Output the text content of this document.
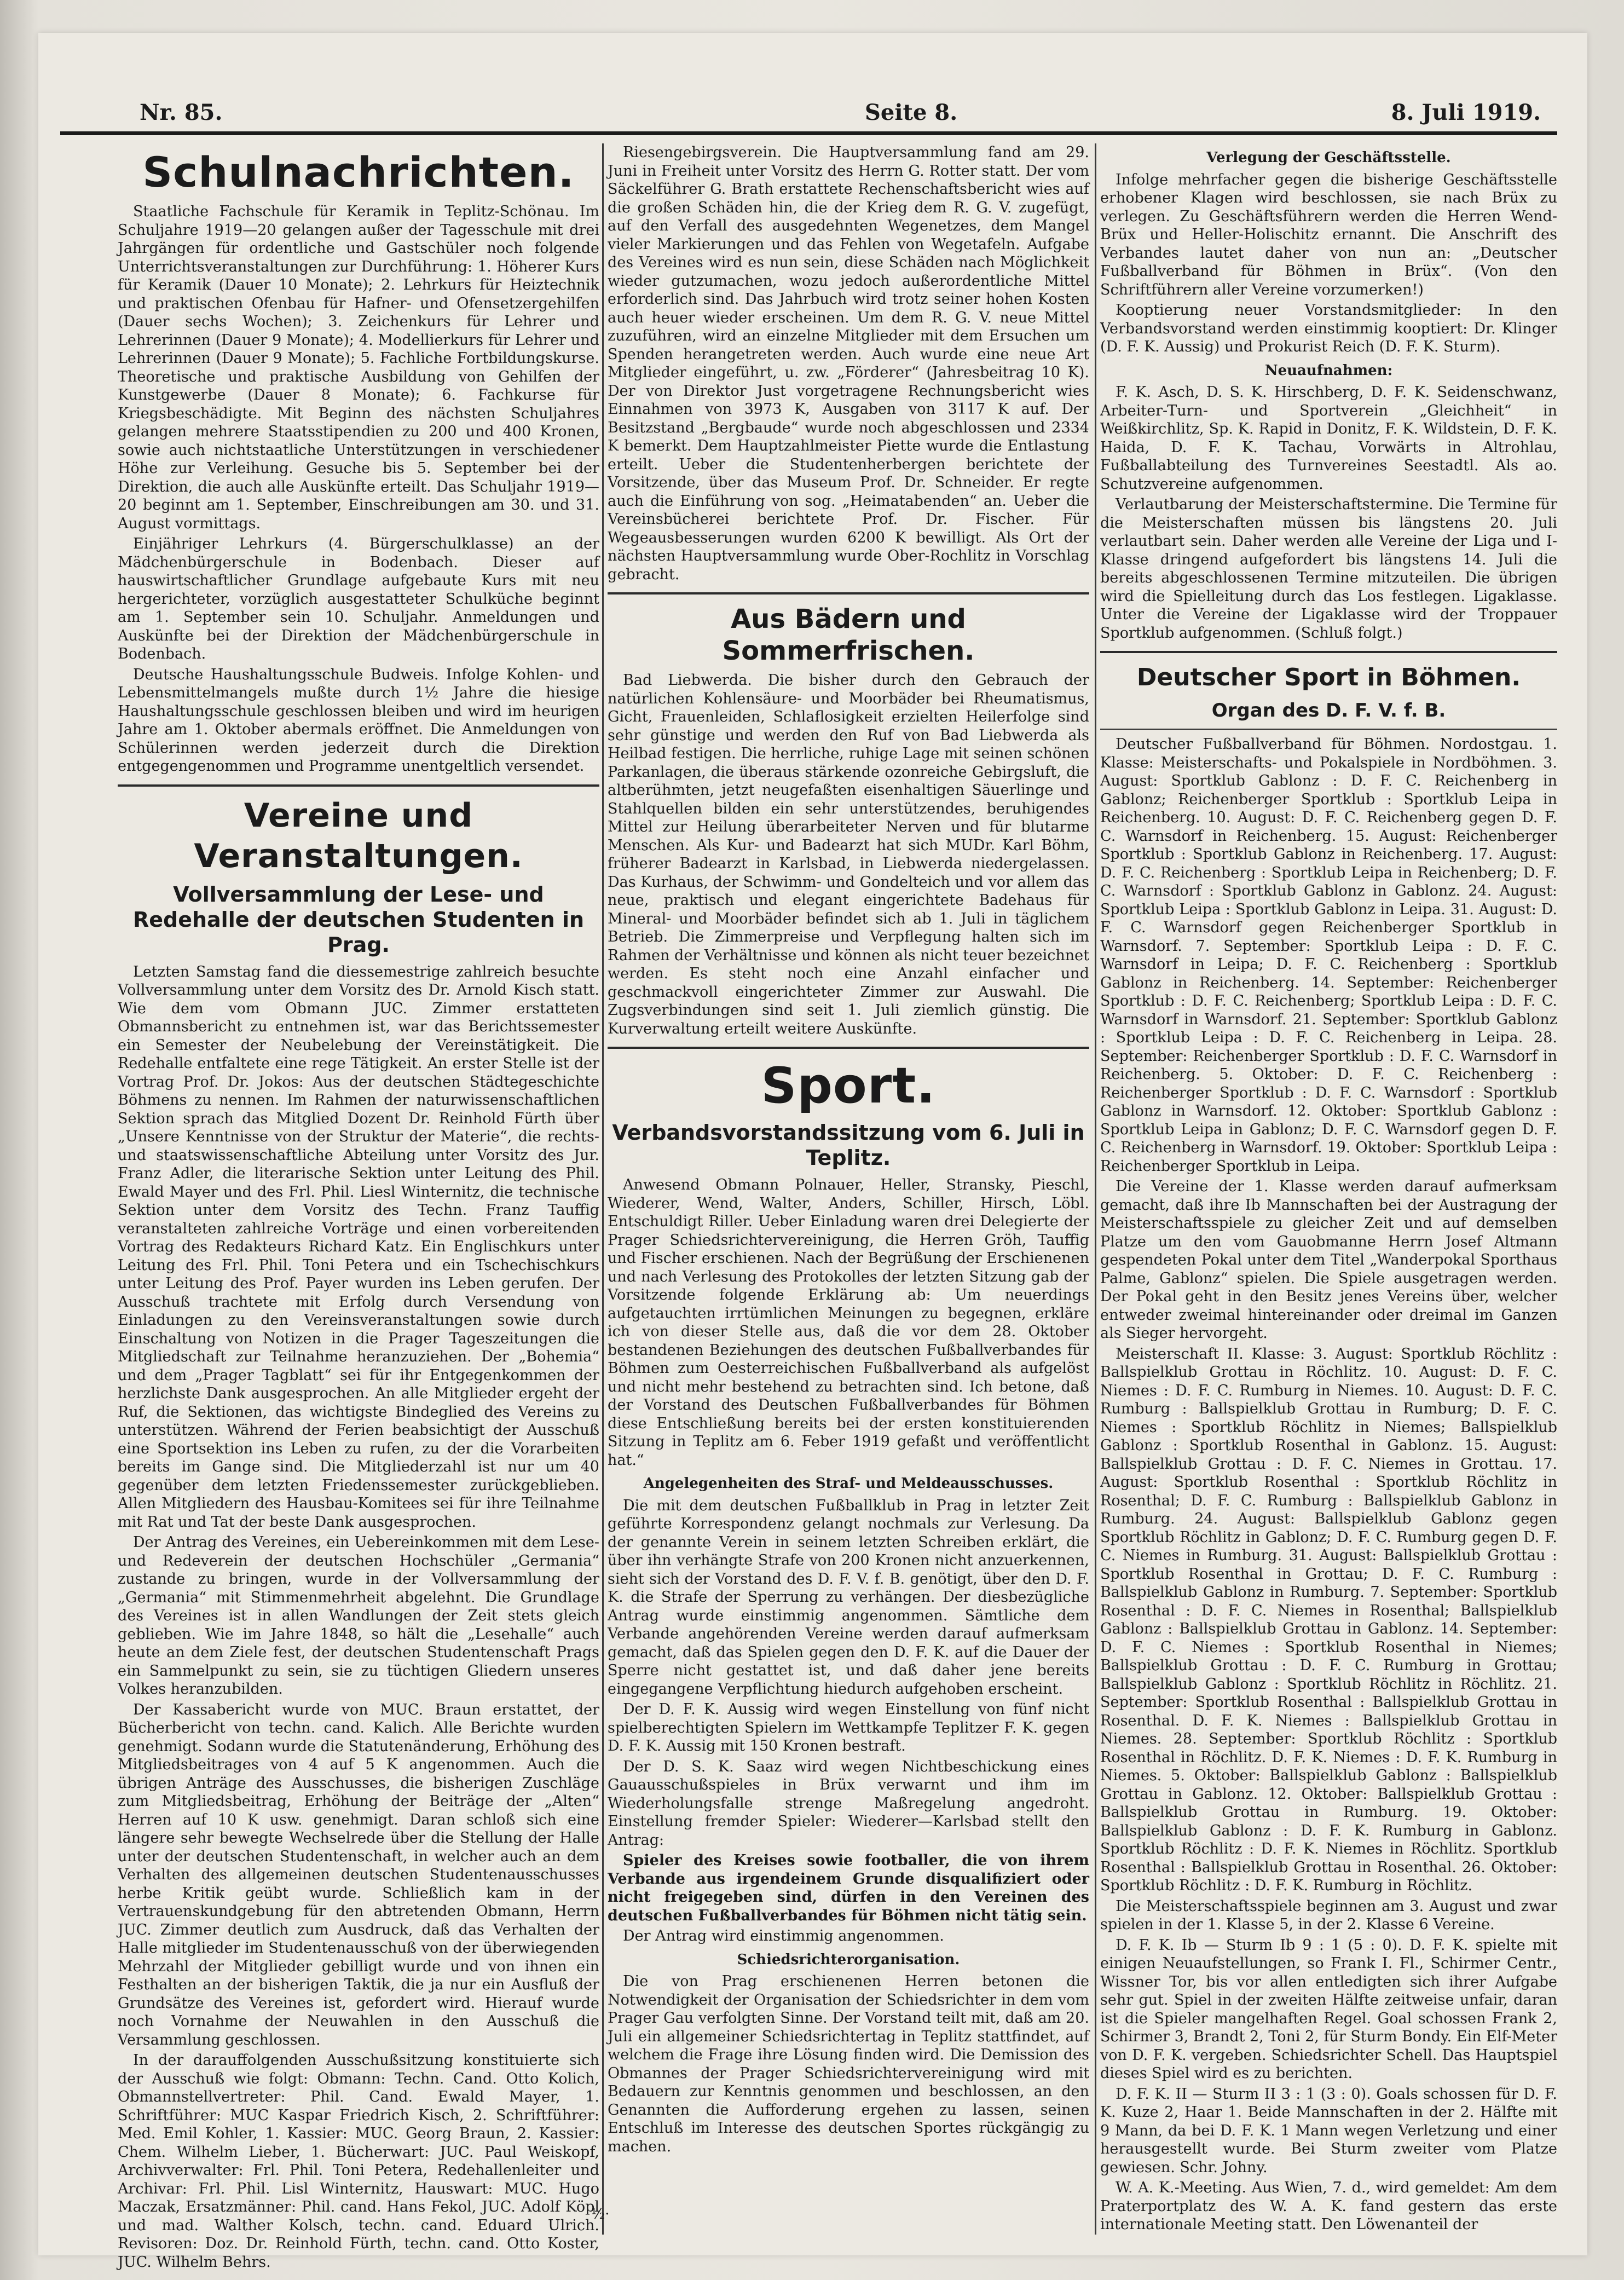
Nr. 85.	Seite 8.	8. Juli 1919.
Schulnachrichten.

Staatliche Fachschule für Keramik in Teplitz-Schönau. Im Schuljahre 1919—20 gelangen außer der Tagesschule mit drei Jahrgängen für ordentliche und Gastschüler noch folgende Unterrichtsveranstaltungen zur Durchführung: 1. Höherer Kurs für Keramik (Dauer 10 Monate); 2. Lehrkurs für Heiztechnik und praktischen Ofenbau für Hafner- und Ofensetzergehilfen (Dauer sechs Wochen); 3. Zeichenkurs für Lehrer und Lehrerinnen (Dauer 9 Monate); 4. Modellierkurs für Lehrer und Lehrerinnen (Dauer 9 Monate); 5. Fachliche Fortbildungskurse. Theoretische und praktische Ausbildung von Gehilfen der Kunstgewerbe (Dauer 8 Monate); 6. Fachkurse für Kriegsbeschädigte. Mit Beginn des nächsten Schuljahres gelangen mehrere Staatsstipendien zu 200 und 400 Kronen, sowie auch nichtstaatliche Unterstützungen in verschiedener Höhe zur Verleihung. Gesuche bis 5. September bei der Direktion, die auch alle Auskünfte erteilt. Das Schuljahr 1919—20 beginnt am 1. September, Einschreibungen am 30. und 31. August vormittags.

Einjähriger Lehrkurs (4. Bürgerschulklasse) an der Mädchenbürgerschule in Bodenbach. Dieser auf hauswirtschaftlicher Grundlage aufgebaute Kurs mit neu hergerichteter, vorzüglich ausgestatteter Schulküche beginnt am 1. September sein 10. Schuljahr. Anmeldungen und Auskünfte bei der Direktion der Mädchenbürgerschule in Bodenbach.

Deutsche Haushaltungsschule Budweis. Infolge Kohlen- und Lebensmittelmangels mußte durch 1½ Jahre die hiesige Haushaltungsschule geschlossen bleiben und wird im heurigen Jahre am 1. Oktober abermals eröffnet. Die Anmeldungen von Schülerinnen werden jederzeit durch die Direktion entgegengenommen und Programme unentgeltlich versendet.

Vereine und Veranstaltungen.
Vollversammlung der Lese- und Redehalle der deutschen Studenten in Prag.

Letzten Samstag fand die diessemestrige zahlreich besuchte Vollversammlung unter dem Vorsitz des Dr. Arnold Kisch statt. Wie dem vom Obmann JUC. Zimmer erstatteten Obmannsbericht zu entnehmen ist, war das Berichtssemester ein Semester der Neubelebung der Vereinstätigkeit. Die Redehalle entfaltete eine rege Tätigkeit. An erster Stelle ist der Vortrag Prof. Dr. Jokos: Aus der deutschen Städtegeschichte Böhmens zu nennen. Im Rahmen der naturwissenschaftlichen Sektion sprach das Mitglied Dozent Dr. Reinhold Fürth über „Unsere Kenntnisse von der Struktur der Materie“, die rechts- und staatswissenschaftliche Abteilung unter Vorsitz des Jur. Franz Adler, die literarische Sektion unter Leitung des Phil. Ewald Mayer und des Frl. Phil. Liesl Winternitz, die technische Sektion unter dem Vorsitz des Techn. Franz Tauffig veranstalteten zahlreiche Vorträge und einen vorbereitenden Vortrag des Redakteurs Richard Katz. Ein Englischkurs unter Leitung des Frl. Phil. Toni Petera und ein Tschechischkurs unter Leitung des Prof. Payer wurden ins Leben gerufen. Der Ausschuß trachtete mit Erfolg durch Versendung von Einladungen zu den Vereinsveranstaltungen sowie durch Einschaltung von Notizen in die Prager Tageszeitungen die Mitgliedschaft zur Teilnahme heranzuziehen. Der „Bohemia“ und dem „Prager Tagblatt“ sei für ihr Entgegenkommen der herzlichste Dank ausgesprochen. An alle Mitglieder ergeht der Ruf, die Sektionen, das wichtigste Bindeglied des Vereins zu unterstützen. Während der Ferien beabsichtigt der Ausschuß eine Sportsektion ins Leben zu rufen, zu der die Vorarbeiten bereits im Gange sind. Die Mitgliederzahl ist nur um 40 gegenüber dem letzten Friedenssemester zurückgeblieben. Allen Mitgliedern des Hausbau-Komitees sei für ihre Teilnahme mit Rat und Tat der beste Dank ausgesprochen.

Der Antrag des Vereines, ein Uebereinkommen mit dem Lese- und Redeverein der deutschen Hochschüler „Germania“ zustande zu bringen, wurde in der Vollversammlung der „Germania“ mit Stimmenmehrheit abgelehnt. Die Grundlage des Vereines ist in allen Wandlungen der Zeit stets gleich geblieben. Wie im Jahre 1848, so hält die „Lesehalle“ auch heute an dem Ziele fest, der deutschen Studentenschaft Prags ein Sammelpunkt zu sein, sie zu tüchtigen Gliedern unseres Volkes heranzubilden.

Der Kassabericht wurde von MUC. Braun erstattet, der Bücherbericht von techn. cand. Kalich. Alle Berichte wurden genehmigt. Sodann wurde die Statutenänderung, Erhöhung des Mitgliedsbeitrages von 4 auf 5 K angenommen. Auch die übrigen Anträge des Ausschusses, die bisherigen Zuschläge zum Mitgliedsbeitrag, Erhöhung der Beiträge der „Alten“ Herren auf 10 K usw. genehmigt. Daran schloß sich eine längere sehr bewegte Wechselrede über die Stellung der Halle unter der deutschen Studentenschaft, in welcher auch an dem Verhalten des allgemeinen deutschen Studentenausschusses herbe Kritik geübt wurde. Schließlich kam in der Vertrauenskundgebung für den abtretenden Obmann, Herrn JUC. Zimmer deutlich zum Ausdruck, daß das Verhalten der Halle mitglieder im Studentenausschuß von der überwiegenden Mehrzahl der Mitglieder gebilligt wurde und von ihnen ein Festhalten an der bisherigen Taktik, die ja nur ein Ausfluß der Grundsätze des Vereines ist, gefordert wird. Hierauf wurde noch Vornahme der Neuwahlen in den Ausschuß die Versammlung geschlossen.

In der darauffolgenden Ausschußsitzung konstituierte sich der Ausschuß wie folgt: Obmann: Techn. Cand. Otto Kolich, Obmannstellvertreter: Phil. Cand. Ewald Mayer, 1. Schriftführer: MUC Kaspar Friedrich Kisch, 2. Schriftführer: Med. Emil Kohler, 1. Kassier: MUC. Georg Braun, 2. Kassier: Chem. Wilhelm Lieber, 1. Bücherwart: JUC. Paul Weiskopf, Archivverwalter: Frl. Phil. Toni Petera, Redehallenleiter und Archivar: Frl. Phil. Lisl Winternitz, Hauswart: MUC. Hugo Maczak, Ersatzmänner: Phil. cand. Hans Fekol, JUC. Adolf Köpl und mad. Walther Kolsch, techn. cand. Eduard Ulrich. Revisoren: Doz. Dr. Reinhold Fürth, techn. cand. Otto Koster, JUC. Wilhelm Behrs.

Riesengebirgsverein. Die Hauptversammlung fand am 29. Juni in Freiheit unter Vorsitz des Herrn G. Rotter statt. Der vom Säckelführer G. Brath erstattete Rechenschaftsbericht wies auf die großen Schäden hin, die der Krieg dem R. G. V. zugefügt, auf den Verfall des ausgedehnten Wegenetzes, dem Mangel vieler Markierungen und das Fehlen von Wegetafeln. Aufgabe des Vereines wird es nun sein, diese Schäden nach Möglichkeit wieder gutzumachen, wozu jedoch außerordentliche Mittel erforderlich sind. Das Jahrbuch wird trotz seiner hohen Kosten auch heuer wieder erscheinen. Um dem R. G. V. neue Mittel zuzuführen, wird an einzelne Mitglieder mit dem Ersuchen um Spenden herangetreten werden. Auch wurde eine neue Art Mitglieder eingeführt, u. zw. „Förderer“ (Jahresbeitrag 10 K). Der von Direktor Just vorgetragene Rechnungsbericht wies Einnahmen von 3973 K, Ausgaben von 3117 K auf. Der Besitzstand „Bergbaude“ wurde noch abgeschlossen und 2334 K bemerkt. Dem Hauptzahlmeister Piette wurde die Entlastung erteilt. Ueber die Studentenherbergen berichtete der Vorsitzende, über das Museum Prof. Dr. Schneider. Er regte auch die Einführung von sog. „Heimatabenden“ an. Ueber die Vereinsbücherei berichtete Prof. Dr. Fischer. Für Wegeausbesserungen wurden 6200 K bewilligt. Als Ort der nächsten Hauptversammlung wurde Ober-Rochlitz in Vorschlag gebracht.

Aus Bädern und Sommerfrischen.

Bad Liebwerda. Die bisher durch den Gebrauch der natürlichen Kohlensäure- und Moorbäder bei Rheumatismus, Gicht, Frauenleiden, Schlaflosigkeit erzielten Heilerfolge sind sehr günstige und werden den Ruf von Bad Liebwerda als Heilbad festigen. Die herrliche, ruhige Lage mit seinen schönen Parkanlagen, die überaus stärkende ozonreiche Gebirgsluft, die altberühmten, jetzt neugefaßten eisenhaltigen Säuerlinge und Stahlquellen bilden ein sehr unterstützendes, beruhigendes Mittel zur Heilung überarbeiteter Nerven und für blutarme Menschen. Als Kur- und Badearzt hat sich MUDr. Karl Böhm, früherer Badearzt in Karlsbad, in Liebwerda niedergelassen. Das Kurhaus, der Schwimm- und Gondelteich und vor allem das neue, praktisch und elegant eingerichtete Badehaus für Mineral- und Moorbäder befindet sich ab 1. Juli in täglichem Betrieb. Die Zimmerpreise und Verpflegung halten sich im Rahmen der Verhältnisse und können als nicht teuer bezeichnet werden. Es steht noch eine Anzahl einfacher und geschmackvoll eingerichteter Zimmer zur Auswahl. Die Zugsverbindungen sind seit 1. Juli ziemlich günstig. Die Kurverwaltung erteilt weitere Auskünfte.

Sport.
Verbandsvorstandssitzung vom 6. Juli in Teplitz.

Anwesend Obmann Polnauer, Heller, Stransky, Pieschl, Wiederer, Wend, Walter, Anders, Schiller, Hirsch, Löbl. Entschuldigt Riller. Ueber Einladung waren drei Delegierte der Prager Schiedsrichtervereinigung, die Herren Gröh, Tauffig und Fischer erschienen. Nach der Begrüßung der Erschienenen und nach Verlesung des Protokolles der letzten Sitzung gab der Vorsitzende folgende Erklärung ab: Um neuerdings aufgetauchten irrtümlichen Meinungen zu begegnen, erkläre ich von dieser Stelle aus, daß die vor dem 28. Oktober bestandenen Beziehungen des deutschen Fußballverbandes für Böhmen zum Oesterreichischen Fußballverband als aufgelöst und nicht mehr bestehend zu betrachten sind. Ich betone, daß der Vorstand des Deutschen Fußballverbandes für Böhmen diese Entschließung bereits bei der ersten konstituierenden Sitzung in Teplitz am 6. Feber 1919 gefaßt und veröffentlicht hat.“

Angelegenheiten des Straf- und Meldeausschusses.

Die mit dem deutschen Fußballklub in Prag in letzter Zeit geführte Korrespondenz gelangt nochmals zur Verlesung. Da der genannte Verein in seinem letzten Schreiben erklärt, die über ihn verhängte Strafe von 200 Kronen nicht anzuerkennen, sieht sich der Vorstand des D. F. V. f. B. genötigt, über den D. F. K. die Strafe der Sperrung zu verhängen. Der diesbezügliche Antrag wurde einstimmig angenommen. Sämtliche dem Verbande angehörenden Vereine werden darauf aufmerksam gemacht, daß das Spielen gegen den D. F. K. auf die Dauer der Sperre nicht gestattet ist, und daß daher jene bereits eingegangene Verpflichtung hiedurch aufgehoben erscheint.

Der D. F. K. Aussig wird wegen Einstellung von fünf nicht spielberechtigten Spielern im Wettkampfe Teplitzer F. K. gegen D. F. K. Aussig mit 150 Kronen bestraft.

Der D. S. K. Saaz wird wegen Nichtbeschickung eines Gauausschußspieles in Brüx verwarnt und ihm im Wiederholungsfalle strenge Maßregelung angedroht. Einstellung fremder Spieler: Wiederer—Karlsbad stellt den Antrag:

Spieler des Kreises sowie footballer, die von ihrem Verbande aus irgendeinem Grunde disqualifiziert oder nicht freigegeben sind, dürfen in den Vereinen des deutschen Fußballverbandes für Böhmen nicht tätig sein.

Der Antrag wird einstimmig angenommen.

Schiedsrichterorganisation.

Die von Prag erschienenen Herren betonen die Notwendigkeit der Organisation der Schiedsrichter in dem vom Prager Gau verfolgten Sinne. Der Vorstand teilt mit, daß am 20. Juli ein allgemeiner Schiedsrichtertag in Teplitz stattfindet, auf welchem die Frage ihre Lösung finden wird. Die Demission des Obmannes der Prager Schiedsrichtervereinigung wird mit Bedauern zur Kenntnis genommen und beschlossen, an den Genannten die Aufforderung ergehen zu lassen, seinen Entschluß im Interesse des deutschen Sportes rückgängig zu machen.

Verlegung der Geschäftsstelle.

Infolge mehrfacher gegen die bisherige Geschäftsstelle erhobener Klagen wird beschlossen, sie nach Brüx zu verlegen. Zu Geschäftsführern werden die Herren Wend-Brüx und Heller-Holischitz ernannt. Die Anschrift des Verbandes lautet daher von nun an: „Deutscher Fußballverband für Böhmen in Brüx“. (Von den Schriftführern aller Vereine vorzumerken!)

Kooptierung neuer Vorstandsmitglieder: In den Verbandsvorstand werden einstimmig kooptiert: Dr. Klinger (D. F. K. Aussig) und Prokurist Reich (D. F. K. Sturm).

Neuaufnahmen:

F. K. Asch, D. S. K. Hirschberg, D. F. K. Seidenschwanz, Arbeiter-Turn- und Sportverein „Gleichheit“ in Weißkirchlitz, Sp. K. Rapid in Donitz, F. K. Wildstein, D. F. K. Haida, D. F. K. Tachau, Vorwärts in Altrohlau, Fußballabteilung des Turnvereines Seestadtl. Als ao. Schutzvereine aufgenommen.

Verlautbarung der Meisterschaftstermine. Die Termine für die Meisterschaften müssen bis längstens 20. Juli verlautbart sein. Daher werden alle Vereine der Liga und I-Klasse dringend aufgefordert bis längstens 14. Juli die bereits abgeschlossenen Termine mitzuteilen. Die übrigen wird die Spielleitung durch das Los festlegen. Ligaklasse. Unter die Vereine der Ligaklasse wird der Troppauer Sportklub aufgenommen. (Schluß folgt.)

Deutscher Sport in Böhmen.
Organ des D. F. V. f. B.

Deutscher Fußballverband für Böhmen. Nordostgau. 1. Klasse: Meisterschafts- und Pokalspiele in Nordböhmen. 3. August: Sportklub Gablonz : D. F. C. Reichenberg in Gablonz; Reichenberger Sportklub : Sportklub Leipa in Reichenberg. 10. August: D. F. C. Reichenberg gegen D. F. C. Warnsdorf in Reichenberg. 15. August: Reichenberger Sportklub : Sportklub Gablonz in Reichenberg. 17. August: D. F. C. Reichenberg : Sportklub Leipa in Reichenberg; D. F. C. Warnsdorf : Sportklub Gablonz in Gablonz. 24. August: Sportklub Leipa : Sportklub Gablonz in Leipa. 31. August: D. F. C. Warnsdorf gegen Reichenberger Sportklub in Warnsdorf. 7. September: Sportklub Leipa : D. F. C. Warnsdorf in Leipa; D. F. C. Reichenberg : Sportklub Gablonz in Reichenberg. 14. September: Reichenberger Sportklub : D. F. C. Reichenberg; Sportklub Leipa : D. F. C. Warnsdorf in Warnsdorf. 21. September: Sportklub Gablonz : Sportklub Leipa : D. F. C. Reichenberg in Leipa. 28. September: Reichenberger Sportklub : D. F. C. Warnsdorf in Reichenberg. 5. Oktober: D. F. C. Reichenberg : Reichenberger Sportklub : D. F. C. Warnsdorf : Sportklub Gablonz in Warnsdorf. 12. Oktober: Sportklub Gablonz : Sportklub Leipa in Gablonz; D. F. C. Warnsdorf gegen D. F. C. Reichenberg in Warnsdorf. 19. Oktober: Sportklub Leipa : Reichenberger Sportklub in Leipa.

Die Vereine der 1. Klasse werden darauf aufmerksam gemacht, daß ihre Ib Mannschaften bei der Austragung der Meisterschaftsspiele zu gleicher Zeit und auf demselben Platze um den vom Gauobmanne Herrn Josef Altmann gespendeten Pokal unter dem Titel „Wanderpokal Sporthaus Palme, Gablonz“ spielen. Die Spiele ausgetragen werden. Der Pokal geht in den Besitz jenes Vereins über, welcher entweder zweimal hintereinander oder dreimal im Ganzen als Sieger hervorgeht.

Meisterschaft II. Klasse: 3. August: Sportklub Röchlitz : Ballspielklub Grottau in Röchlitz. 10. August: D. F. C. Niemes : D. F. C. Rumburg in Niemes. 10. August: D. F. C. Rumburg : Ballspielklub Grottau in Rumburg; D. F. C. Niemes : Sportklub Röchlitz in Niemes; Ballspielklub Gablonz : Sportklub Rosenthal in Gablonz. 15. August: Ballspielklub Grottau : D. F. C. Niemes in Grottau. 17. August: Sportklub Rosenthal : Sportklub Röchlitz in Rosenthal; D. F. C. Rumburg : Ballspielklub Gablonz in Rumburg. 24. August: Ballspielklub Gablonz gegen Sportklub Röchlitz in Gablonz; D. F. C. Rumburg gegen D. F. C. Niemes in Rumburg. 31. August: Ballspielklub Grottau : Sportklub Rosenthal in Grottau; D. F. C. Rumburg : Ballspielklub Gablonz in Rumburg. 7. September: Sportklub Rosenthal : D. F. C. Niemes in Rosenthal; Ballspielklub Gablonz : Ballspielklub Grottau in Gablonz. 14. September: D. F. C. Niemes : Sportklub Rosenthal in Niemes; Ballspielklub Grottau : D. F. C. Rumburg in Grottau; Ballspielklub Gablonz : Sportklub Röchlitz in Röchlitz. 21. September: Sportklub Rosenthal : Ballspielklub Grottau in Rosenthal. D. F. K. Niemes : Ballspielklub Grottau in Niemes. 28. September: Sportklub Röchlitz : Sportklub Rosenthal in Röchlitz. D. F. K. Niemes : D. F. K. Rumburg in Niemes. 5. Oktober: Ballspielklub Gablonz : Ballspielklub Grottau in Gablonz. 12. Oktober: Ballspielklub Grottau : Ballspielklub Grottau in Rumburg. 19. Oktober: Ballspielklub Gablonz : D. F. K. Rumburg in Gablonz. Sportklub Röchlitz : D. F. K. Niemes in Röchlitz. Sportklub Rosenthal : Ballspielklub Grottau in Rosenthal. 26. Oktober: Sportklub Röchlitz : D. F. K. Rumburg in Röchlitz.

Die Meisterschaftsspiele beginnen am 3. August und zwar spielen in der 1. Klasse 5, in der 2. Klasse 6 Vereine.

D. F. K. Ib — Sturm Ib 9 : 1 (5 : 0). D. F. K. spielte mit einigen Neuaufstellungen, so Frank I. Fl., Schirmer Centr., Wissner Tor, bis vor allen entledigten sich ihrer Aufgabe sehr gut. Spiel in der zweiten Hälfte zeitweise unfair, daran ist die Spieler mangelhaften Regel. Goal schossen Frank 2, Schirmer 3, Brandt 2, Toni 2, für Sturm Bondy. Ein Elf-Meter von D. F. K. vergeben. Schiedsrichter Schell. Das Hauptspiel dieses Spiel wird es zu berichten.

D. F. K. II — Sturm II 3 : 1 (3 : 0). Goals schossen für D. F. K. Kuze 2, Haar 1. Beide Mannschaften in der 2. Hälfte mit 9 Mann, da bei D. F. K. 1 Mann wegen Verletzung und einer herausgestellt wurde. Bei Sturm zweiter vom Platze gewiesen. Schr. Johny.

W. A. K.-Meeting. Aus Wien, 7. d., wird gemeldet: Am dem Praterportplatz des W. A. K. fand gestern das erste internationale Meeting statt. Den Löwenanteil der

½·
